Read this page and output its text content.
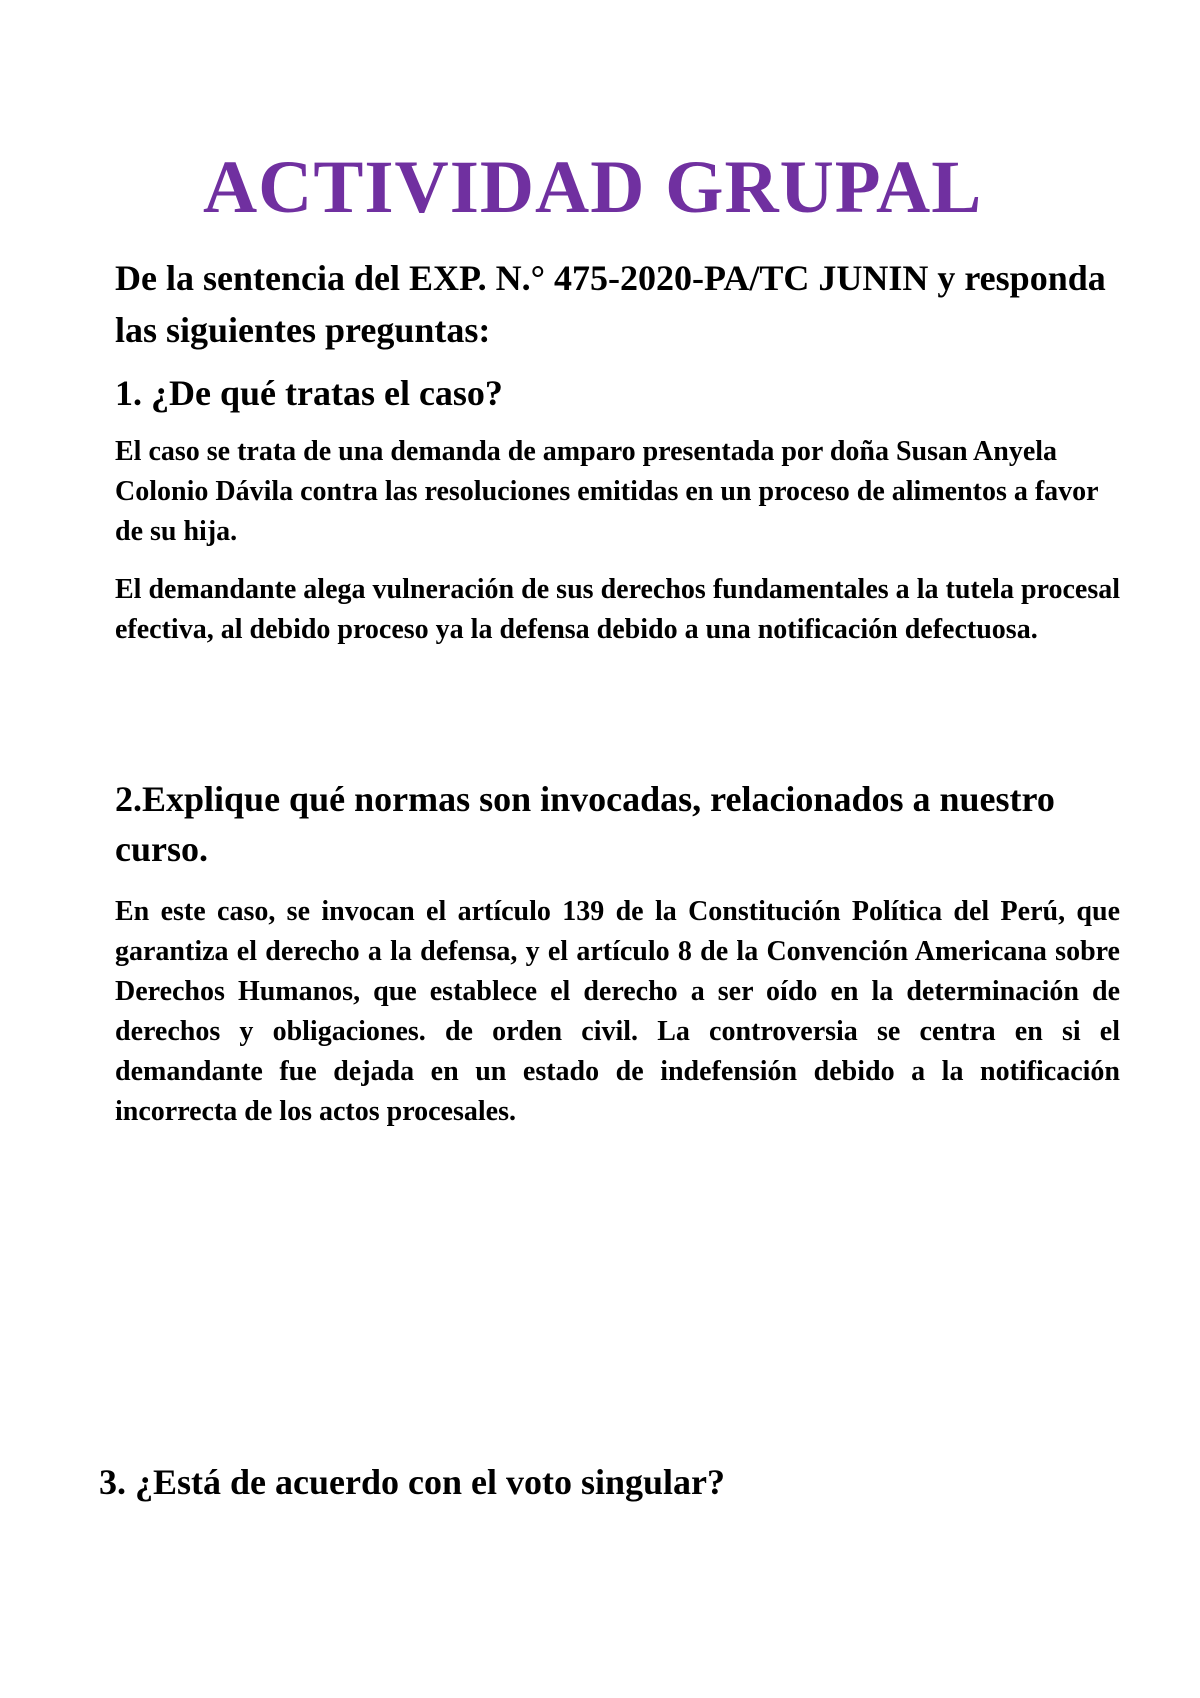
ACTIVIDAD GRUPAL

De la sentencia del EXP. N.° 475-2020-PA/TC JUNIN y responda las siguientes preguntas:

1. ¿De qué tratas el caso?

El caso se trata de una demanda de amparo presentada por doña Susan Anyela Colonio Dávila contra las resoluciones emitidas en un proceso de alimentos a favor de su hija.

El demandante alega vulneración de sus derechos fundamentales a la tutela procesal efectiva, al debido proceso ya la defensa debido a una notificación defectuosa.

2.Explique qué normas son invocadas, relacionados a nuestro curso.

En este caso, se invocan el artículo 139 de la Constitución Política del Perú, que garantiza el derecho a la defensa, y el artículo 8 de la Convención Americana sobre Derechos Humanos, que establece el derecho a ser oído en la determinación de derechos y obligaciones. de orden civil. La controversia se centra en si el demandante fue dejada en un estado de indefensión debido a la notificación incorrecta de los actos procesales.

3. ¿Está de acuerdo con el voto singular?
